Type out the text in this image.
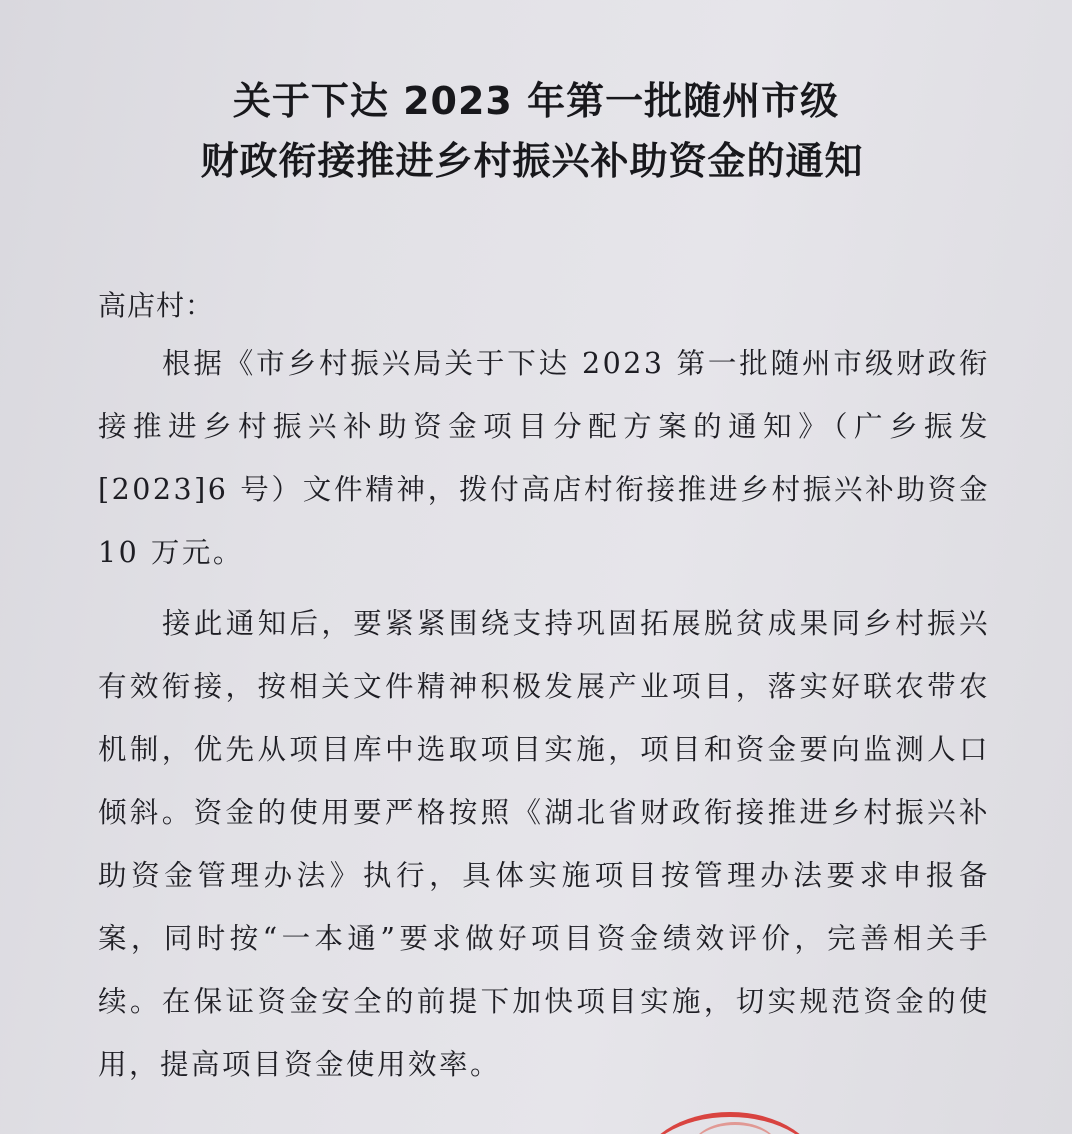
关于下达 2023 年第一批随州市级
财政衔接推进乡村振兴补助资金的通知
高店村：
根据《市乡村振兴局关于下达 2023 第一批随州市级财政衔接推进乡村振兴补助资金项目分配方案的通知》（广乡振发[2023]6 号）文件精神，拨付高店村衔接推进乡村振兴补助资金 10 万元。
接此通知后，要紧紧围绕支持巩固拓展脱贫成果同乡村振兴有效衔接，按相关文件精神积极发展产业项目，落实好联农带农机制，优先从项目库中选取项目实施，项目和资金要向监测人口倾斜。资金的使用要严格按照《湖北省财政衔接推进乡村振兴补助资金管理办法》执行，具体实施项目按管理办法要求申报备案，同时按“一本通”要求做好项目资金绩效评价，完善相关手续。在保证资金安全的前提下加快项目实施，切实规范资金的使用，提高项目资金使用效率。
